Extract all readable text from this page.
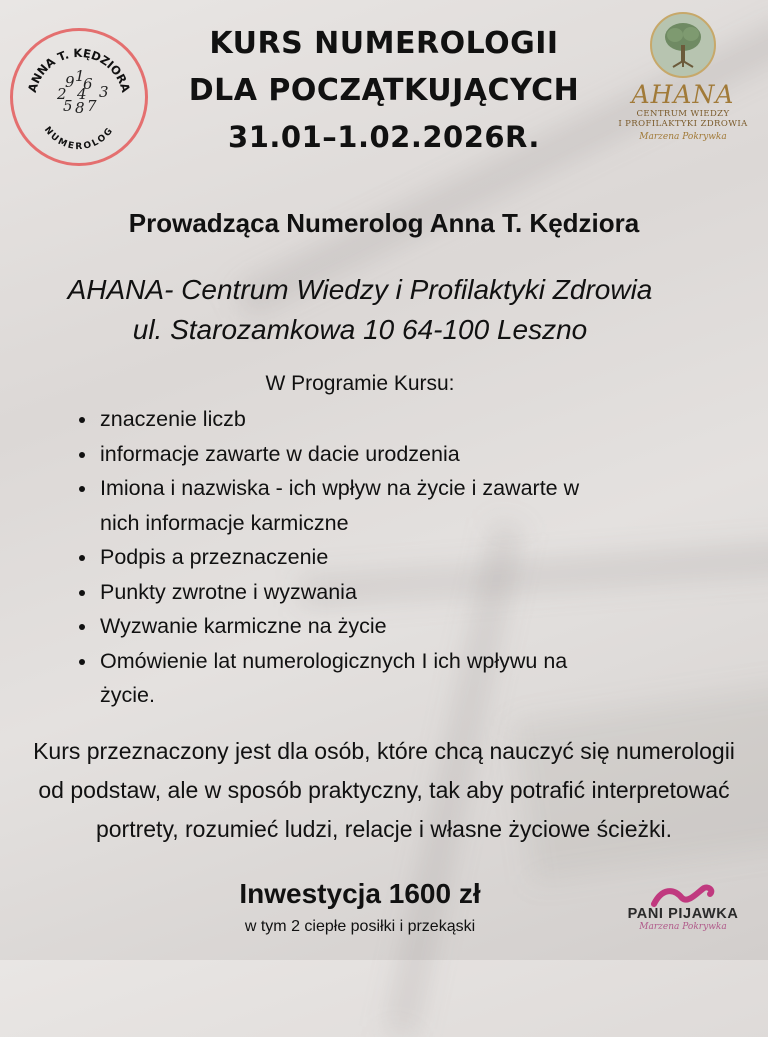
ANNA T. KĘDZIORA
NUMEROLOG
9 1
6
2 4 3
5 8 7
KURS NUMEROLOGII
DLA POCZĄTKUJĄCYCH
31.01–1.02.2026R.
AHANA
CENTRUM WIEDZY
I PROFILAKTYKI ZDROWIA
Marzena Pokrywka
Prowadząca Numerolog Anna T. Kędziora
AHANA- Centrum Wiedzy i Profilaktyki Zdrowia
ul. Starozamkowa 10 64-100 Leszno
W Programie Kursu:
• znaczenie liczb
• informacje zawarte w dacie urodzenia
• Imiona i nazwiska - ich wpływ na życie i zawarte w nich informacje karmiczne
• Podpis a przeznaczenie
• Punkty zwrotne i wyzwania
• Wyzwanie karmiczne na życie
• Omówienie lat numerologicznych I ich wpływu na życie.
Kurs przeznaczony jest dla osób, które chcą nauczyć się numerologii od podstaw, ale w sposób praktyczny, tak aby potrafić interpretować portrety, rozumieć ludzi, relacje i własne życiowe ścieżki.
Inwestycja 1600 zł
w tym 2 ciepłe posiłki i przekąski
PANI PIJAWKA
Marzena Pokrywka
